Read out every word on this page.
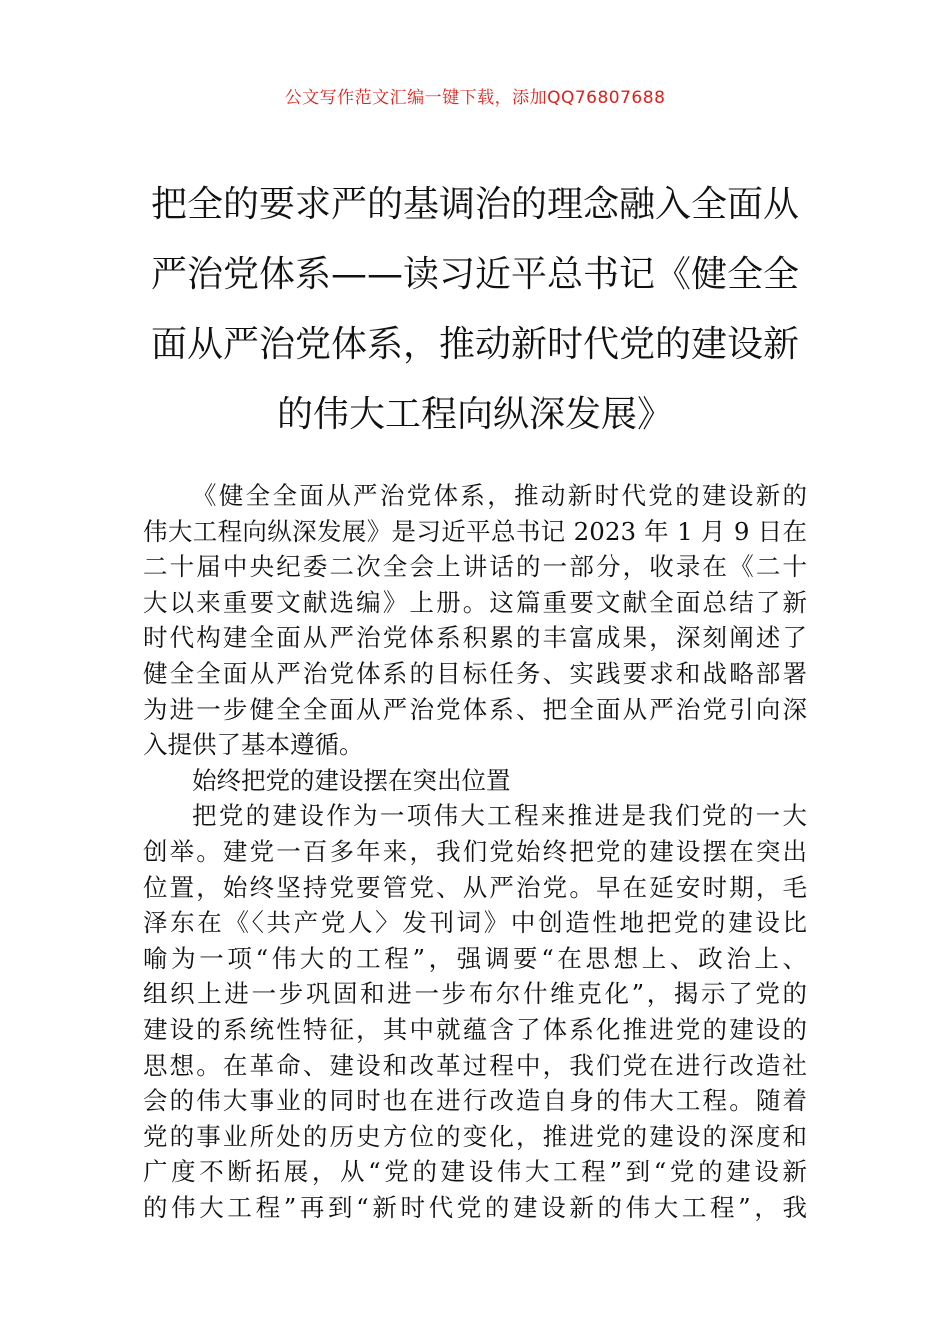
公文写作范文汇编一键下载，添加QQ76807688
把全的要求严的基调治的理念融入全面从
严治党体系——读习近平总书记《健全全
面从严治党体系，推动新时代党的建设新
的伟大工程向纵深发展》
《健全全面从严治党体系，推动新时代党的建设新的
伟大工程向纵深发展》是习近平总书记 2023 年 1 月 9 日在
二十届中央纪委二次全会上讲话的一部分，收录在《二十
大以来重要文献选编》上册。这篇重要文献全面总结了新
时代构建全面从严治党体系积累的丰富成果，深刻阐述了
健全全面从严治党体系的目标任务、实践要求和战略部署
为进一步健全全面从严治党体系、把全面从严治党引向深
入提供了基本遵循。
始终把党的建设摆在突出位置
把党的建设作为一项伟大工程来推进是我们党的一大
创举。建党一百多年来，我们党始终把党的建设摆在突出
位置，始终坚持党要管党、从严治党。早在延安时期，毛
泽东在《〈共产党人〉发刊词》中创造性地把党的建设比
喻为一项“伟大的工程”，强调要“在思想上、政治上、
组织上进一步巩固和进一步布尔什维克化”，揭示了党的
建设的系统性特征，其中就蕴含了体系化推进党的建设的
思想。在革命、建设和改革过程中，我们党在进行改造社
会的伟大事业的同时也在进行改造自身的伟大工程。随着
党的事业所处的历史方位的变化，推进党的建设的深度和
广度不断拓展，从“党的建设伟大工程”到“党的建设新
的伟大工程”再到“新时代党的建设新的伟大工程”，我
